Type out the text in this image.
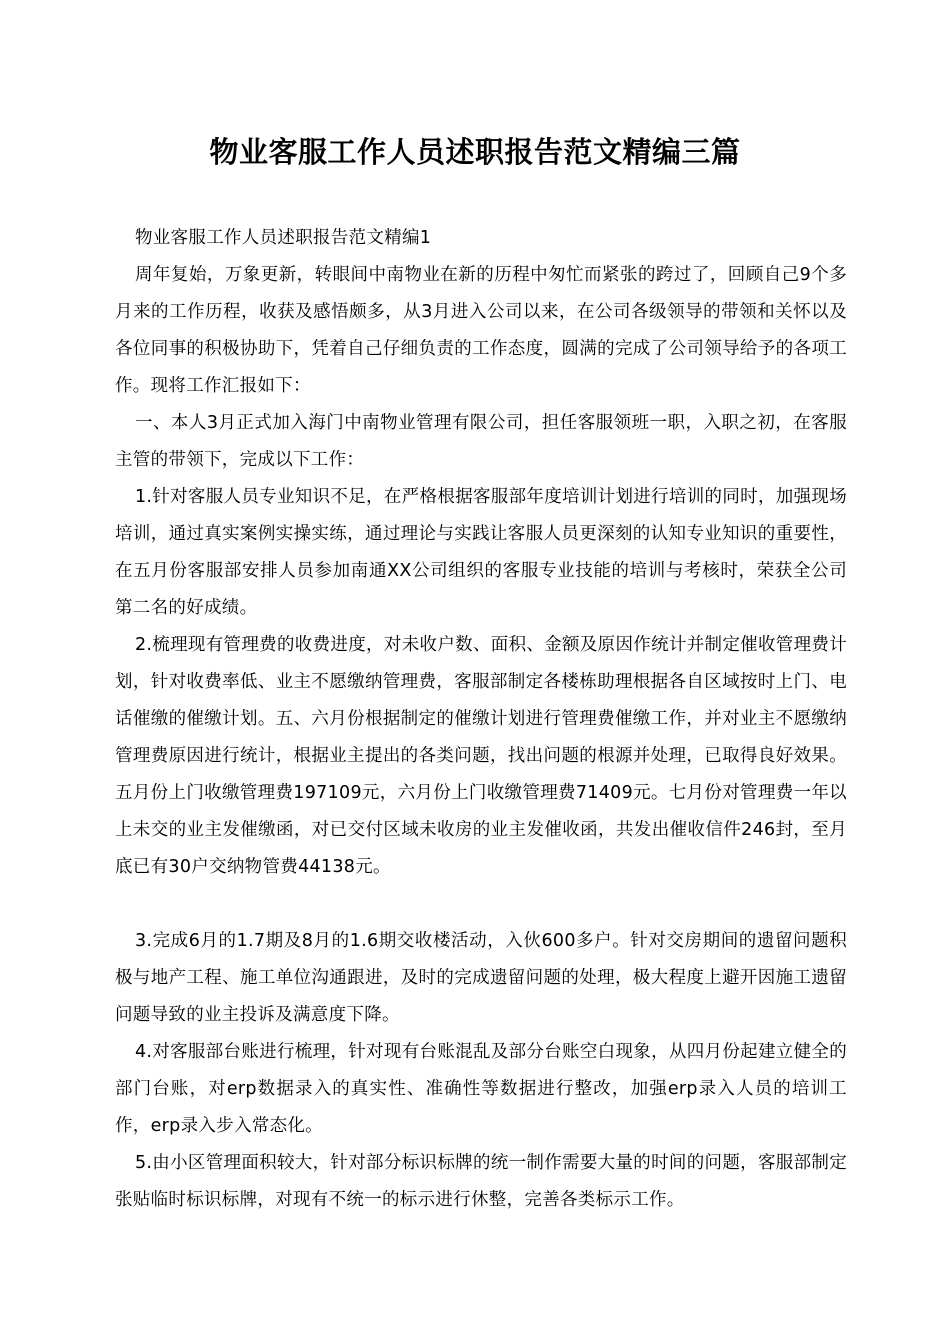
物业客服工作人员述职报告范文精编三篇

物业客服工作人员述职报告范文精编1

周年复始，万象更新，转眼间中南物业在新的历程中匆忙而紧张的跨过了，回顾自己9个多月来的工作历程，收获及感悟颇多，从3月进入公司以来，在公司各级领导的带领和关怀以及各位同事的积极协助下，凭着自己仔细负责的工作态度，圆满的完成了公司领导给予的各项工作。现将工作汇报如下：

一、本人3月正式加入海门中南物业管理有限公司，担任客服领班一职，入职之初，在客服主管的带领下，完成以下工作：

1.针对客服人员专业知识不足，在严格根据客服部年度培训计划进行培训的同时，加强现场培训，通过真实案例实操实练，通过理论与实践让客服人员更深刻的认知专业知识的重要性，在五月份客服部安排人员参加南通XX公司组织的客服专业技能的培训与考核时，荣获全公司第二名的好成绩。

2.梳理现有管理费的收费进度，对未收户数、面积、金额及原因作统计并制定催收管理费计划，针对收费率低、业主不愿缴纳管理费，客服部制定各楼栋助理根据各自区域按时上门、电话催缴的催缴计划。五、六月份根据制定的催缴计划进行管理费催缴工作，并对业主不愿缴纳管理费原因进行统计，根据业主提出的各类问题，找出问题的根源并处理，已取得良好效果。五月份上门收缴管理费197109元，六月份上门收缴管理费71409元。七月份对管理费一年以上未交的业主发催缴函，对已交付区域未收房的业主发催收函，共发出催收信件246封，至月底已有30户交纳物管费44138元。

3.完成6月的1.7期及8月的1.6期交收楼活动，入伙600多户。针对交房期间的遗留问题积极与地产工程、施工单位沟通跟进，及时的完成遗留问题的处理，极大程度上避开因施工遗留问题导致的业主投诉及满意度下降。

4.对客服部台账进行梳理，针对现有台账混乱及部分台账空白现象，从四月份起建立健全的部门台账，对erp数据录入的真实性、准确性等数据进行整改，加强erp录入人员的培训工作，erp录入步入常态化。

5.由小区管理面积较大，针对部分标识标牌的统一制作需要大量的时间的问题，客服部制定张贴临时标识标牌，对现有不统一的标示进行休整，完善各类标示工作。
